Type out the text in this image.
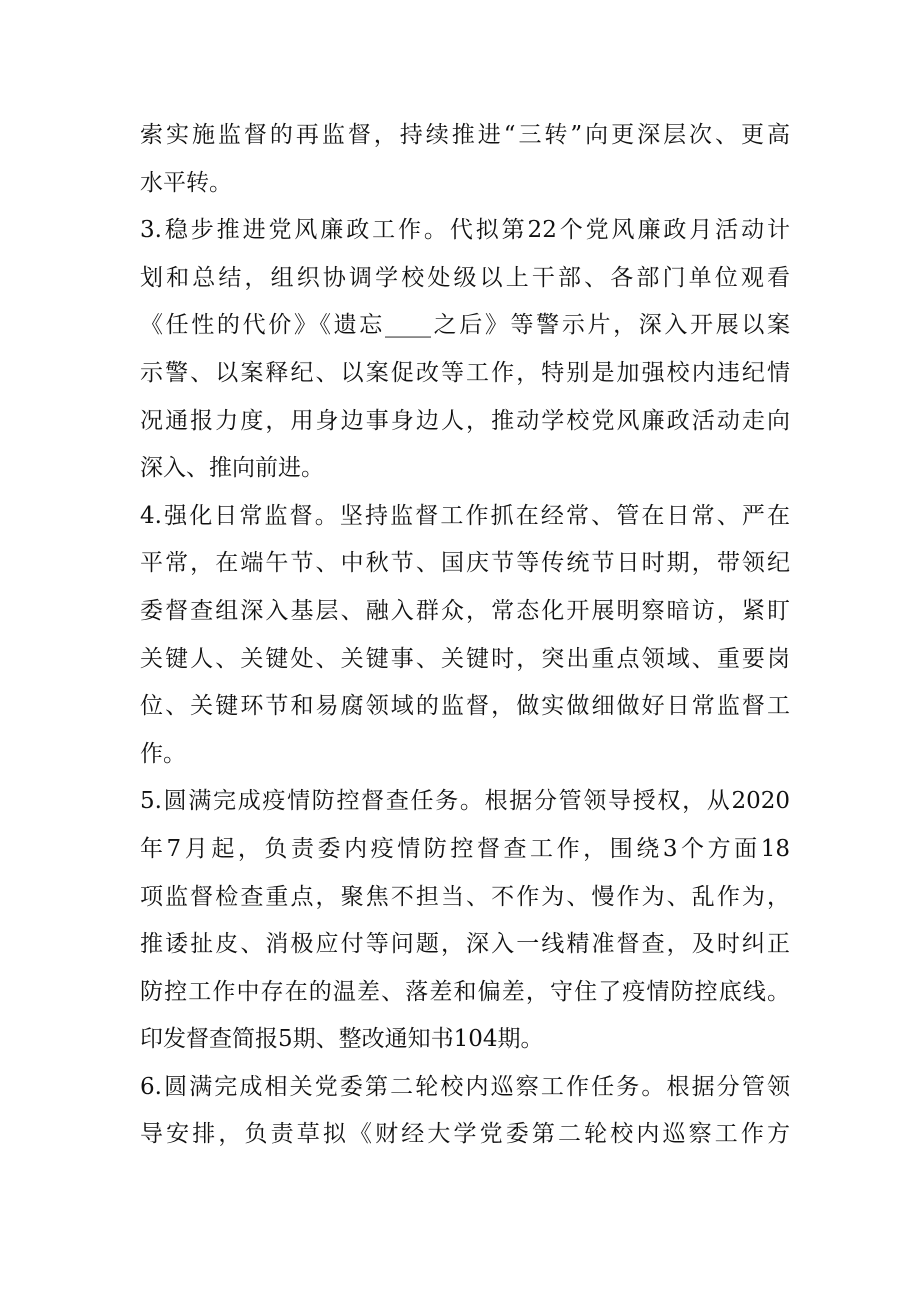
索实施监督的再监督，持续推进“三转”向更深层次、更高
水平转。
3.稳步推进党风廉政工作。代拟第22个党风廉政月活动计
划和总结，组织协调学校处级以上干部、各部门单位观看
《任性的代价》《遗忘____之后》等警示片，深入开展以案
示警、以案释纪、以案促改等工作，特别是加强校内违纪情
况通报力度，用身边事身边人，推动学校党风廉政活动走向
深入、推向前进。
4.强化日常监督。坚持监督工作抓在经常、管在日常、严在
平常，在端午节、中秋节、国庆节等传统节日时期，带领纪
委督查组深入基层、融入群众，常态化开展明察暗访，紧盯
关键人、关键处、关键事、关键时，突出重点领域、重要岗
位、关键环节和易腐领域的监督，做实做细做好日常监督工
作。
5.圆满完成疫情防控督查任务。根据分管领导授权，从2020
年7月起，负责委内疫情防控督查工作，围绕3个方面18
项监督检查重点，聚焦不担当、不作为、慢作为、乱作为，
推诿扯皮、消极应付等问题，深入一线精准督查，及时纠正
防控工作中存在的温差、落差和偏差，守住了疫情防控底线。
印发督查简报5期、整改通知书104期。
6.圆满完成相关党委第二轮校内巡察工作任务。根据分管领
导安排，负责草拟《财经大学党委第二轮校内巡察工作方
